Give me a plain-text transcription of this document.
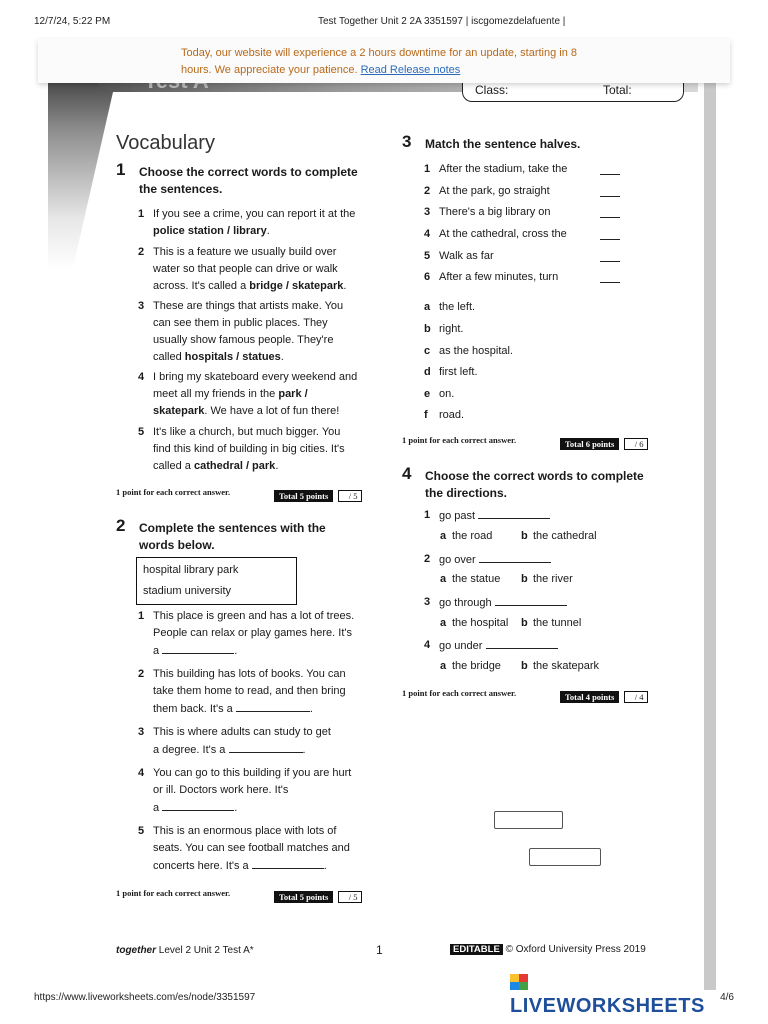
12/7/24, 5:22 PM	Test Together Unit 2 2A 3351597 | iscgomezdelafuente |
Class:	Total:
Vocabulary
1 Choose the correct words to complete
the sentences.
1 If you see a crime, you can report it at the
police station / library.
2 This is a feature we usually build over
water so that people can drive or walk
across. It's called a bridge / skatepark.
3 These are things that artists make. You
can see them in public places. They
usually show famous people. They're
called hospitals / statues.
4 I bring my skateboard every weekend and
meet all my friends in the park /
skatepark. We have a lot of fun there!
5 It's like a church, but much bigger. You
find this kind of building in big cities. It's
called a cathedral / park.
1 point for each correct answer.	Total 5 points / 5
2 Complete the sentences with the
words below.
hospital library park
stadium university
1 This place is green and has a lot of trees.
People can relax or play games here. It's
a	.
2 This building has lots of books. You can
take them home to read, and then bring
them back. It's a	.
3 This is where adults can study to get
a degree. It's a	.
4 You can go to this building if you are hurt
or ill. Doctors work here. It's
a	.
5 This is an enormous place with lots of
seats. You can see football matches and
concerts here. It's a	.
1 point for each correct answer.	Total 5 points / 5
3 Match the sentence halves.
1 After the stadium, take the
2 At the park, go straight
3 There's a big library on
4 At the cathedral, cross the
5 Walk as far
6 After a few minutes, turn
a the left.
b right.
c as the hospital.
d first left.
e on.
f road.
1 point for each correct answer.	Total 6 points / 6
4 Choose the correct words to complete
the directions.
1 go past
a the road	b the cathedral
2 go over
a the statue b the river
3 go through
a the hospital b the tunnel
4 go under
a the bridge b the skatepark
1 point for each correct answer.	Total 4 points / 4
together Level 2 Unit 2 Test A*	1	EDITABLE © Oxford University Press 2019
LIVEWORKSHEETS
Today, our website will experience a 2 hours downtime for an update, starting in 8
hours. We appreciate your patience. Read Release notes
https://www.liveworksheets.com/es/node/3351597	4/6
